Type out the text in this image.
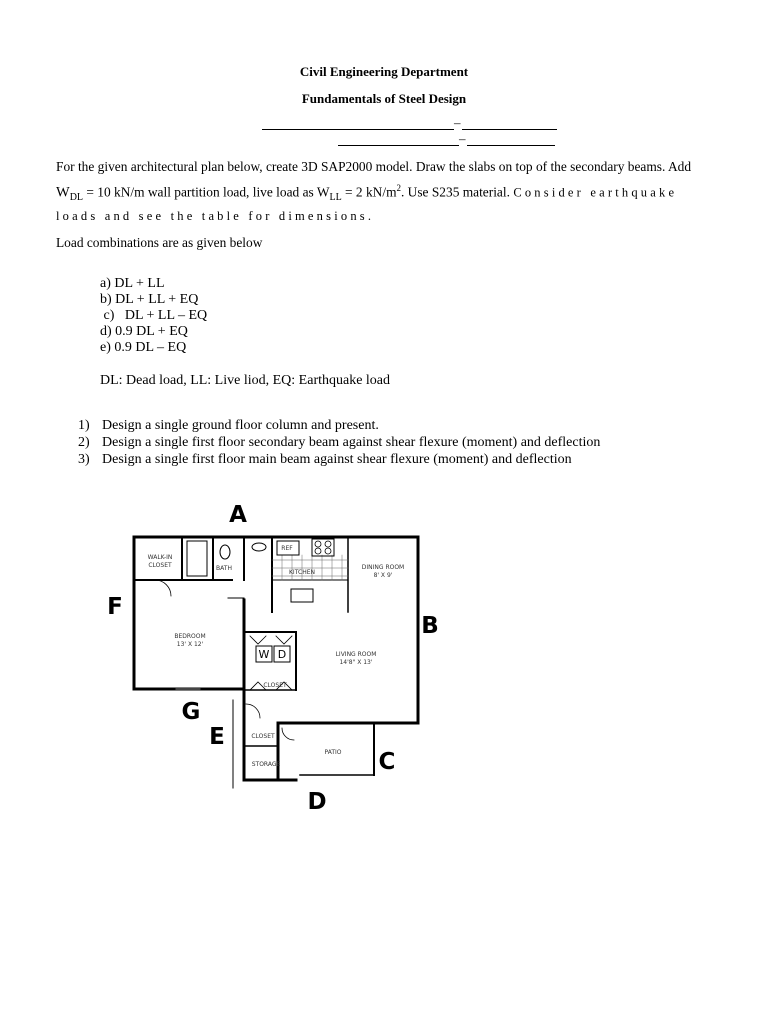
Civil Engineering Department
Fundamentals of Steel Design
–
–
For the given architectural plan below, create 3D SAP2000 model. Draw the slabs on top of the secondary beams. Add
$W_{DL} = 10$ kN/m wall partition load, live load as $W_{LL} = 2$ $kN/m^2$. Use S235 material. Consider earthquake
loads and see the table for dimensions.
Load combinations are as given below
a) DL + LL
b) DL + LL + EQ
c)   DL + LL – EQ
d) 0.9 DL + EQ
e) 0.9 DL – EQ
DL: Dead load, LL: Live liod, EQ: Earthquake load
1) Design a single ground floor column and present.
2) Design a single first floor secondary beam against shear flexure (moment) and deflection
3) Design a single first floor main beam against shear flexure (moment) and deflection
WALK-IN
CLOSET	BATH
REF
KITCHEN
DINING ROOM
8' X 9'
BEDROOM
13' X 12'
W D	LIVING ROOM
14'8" X 13'
CLOSET
CLOSET
STORAGE
PATIO
A
B
C
D
E
F
G
